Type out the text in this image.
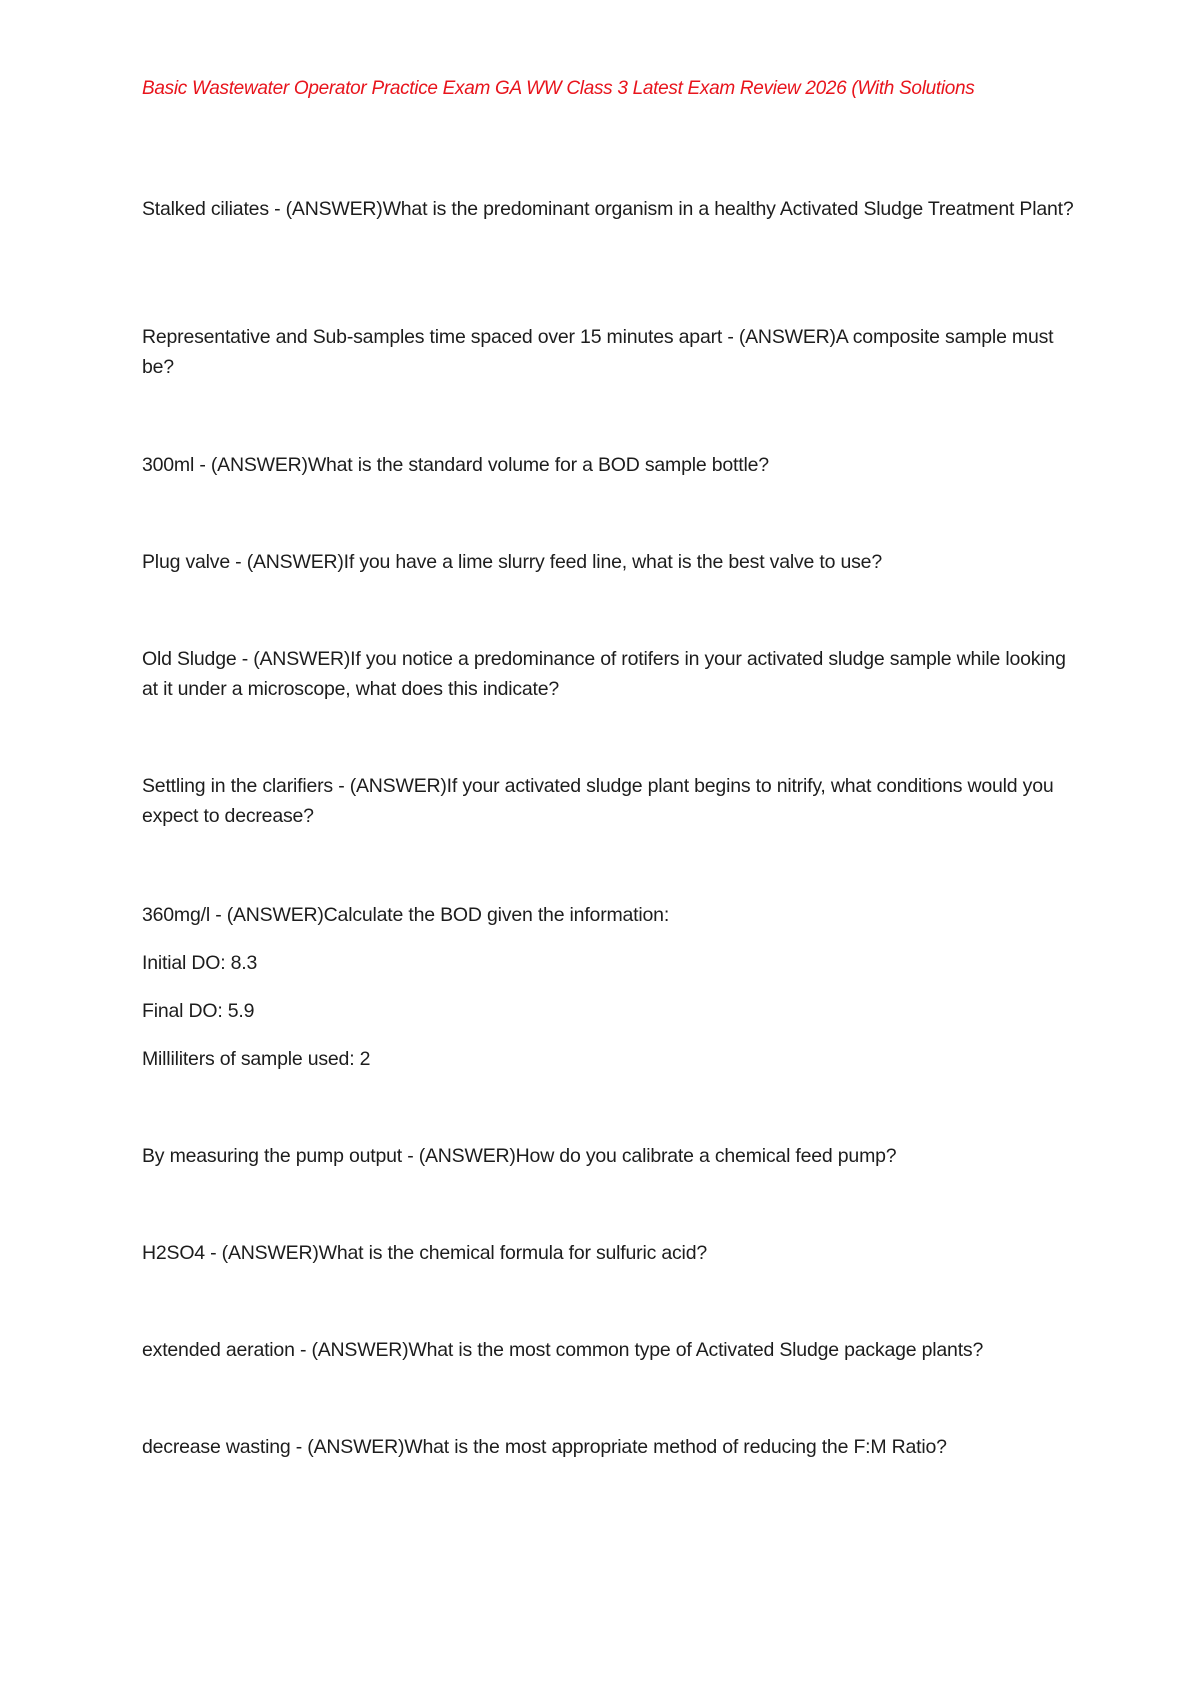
Basic Wastewater Operator Practice Exam GA WW Class 3 Latest Exam Review 2026 (With Solutions

Stalked ciliates - (ANSWER)What is the predominant organism in a healthy Activated Sludge Treatment Plant?

Representative and Sub-samples time spaced over 15 minutes apart - (ANSWER)A composite sample must be?

300ml - (ANSWER)What is the standard volume for a BOD sample bottle?

Plug valve - (ANSWER)If you have a lime slurry feed line, what is the best valve to use?

Old Sludge - (ANSWER)If you notice a predominance of rotifers in your activated sludge sample while looking at it under a microscope, what does this indicate?

Settling in the clarifiers - (ANSWER)If your activated sludge plant begins to nitrify, what conditions would you expect to decrease?

360mg/l - (ANSWER)Calculate the BOD given the information:

Initial DO: 8.3

Final DO: 5.9

Milliliters of sample used: 2

By measuring the pump output - (ANSWER)How do you calibrate a chemical feed pump?

H2SO4 - (ANSWER)What is the chemical formula for sulfuric acid?

extended aeration - (ANSWER)What is the most common type of Activated Sludge package plants?

decrease wasting - (ANSWER)What is the most appropriate method of reducing the F:M Ratio?
